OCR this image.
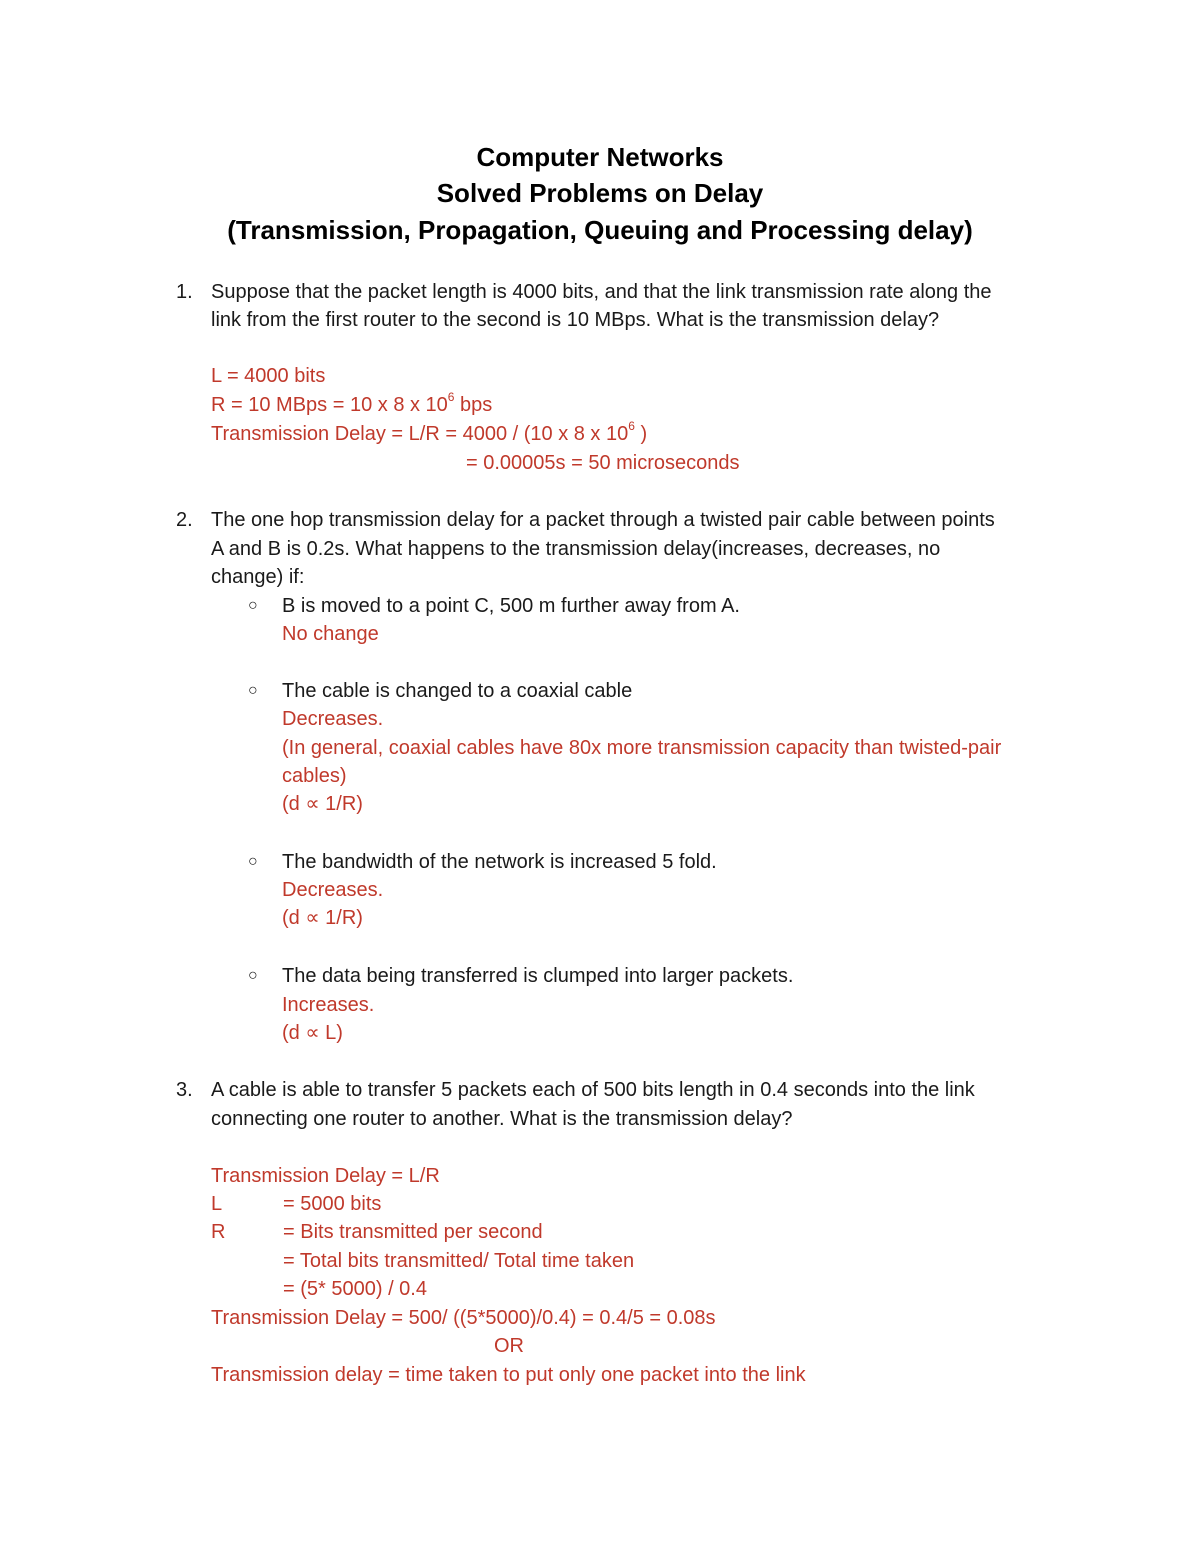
Computer Networks
Solved Problems on Delay
(Transmission, Propagation, Queuing and Processing delay)
1. Suppose that the packet length is 4000 bits, and that the link transmission rate along the
link from the first router to the second is 10 MBps. What is the transmission delay?
L = 4000 bits
R = 10 MBps = 10 x 8 x $10^6$ bps
Transmission Delay = L/R = 4000 / (10 x 8 x $10^6$ )
= 0.00005s = 50 microseconds
2. The one hop transmission delay for a packet through a twisted pair cable between points
A and B is 0.2s. What happens to the transmission delay(increases, decreases, no
change) if:
○ B is moved to a point C, 500 m further away from A.
No change
○ The cable is changed to a coaxial cable
Decreases.
(In general, coaxial cables have 80x more transmission capacity than twisted-pair
cables)
(d ∝ 1/R)
○ The bandwidth of the network is increased 5 fold.
Decreases.
(d ∝ 1/R)
○ The data being transferred is clumped into larger packets.
Increases.
(d ∝ L)
3. A cable is able to transfer 5 packets each of 500 bits length in 0.4 seconds into the link
connecting one router to another. What is the transmission delay?
Transmission Delay = L/R
L	= 5000 bits
R	= Bits transmitted per second
= Total bits transmitted/ Total time taken
= (5* 5000) / 0.4
Transmission Delay = 500/ ((5*5000)/0.4) = 0.4/5 = 0.08s
OR
Transmission delay = time taken to put only one packet into the link
